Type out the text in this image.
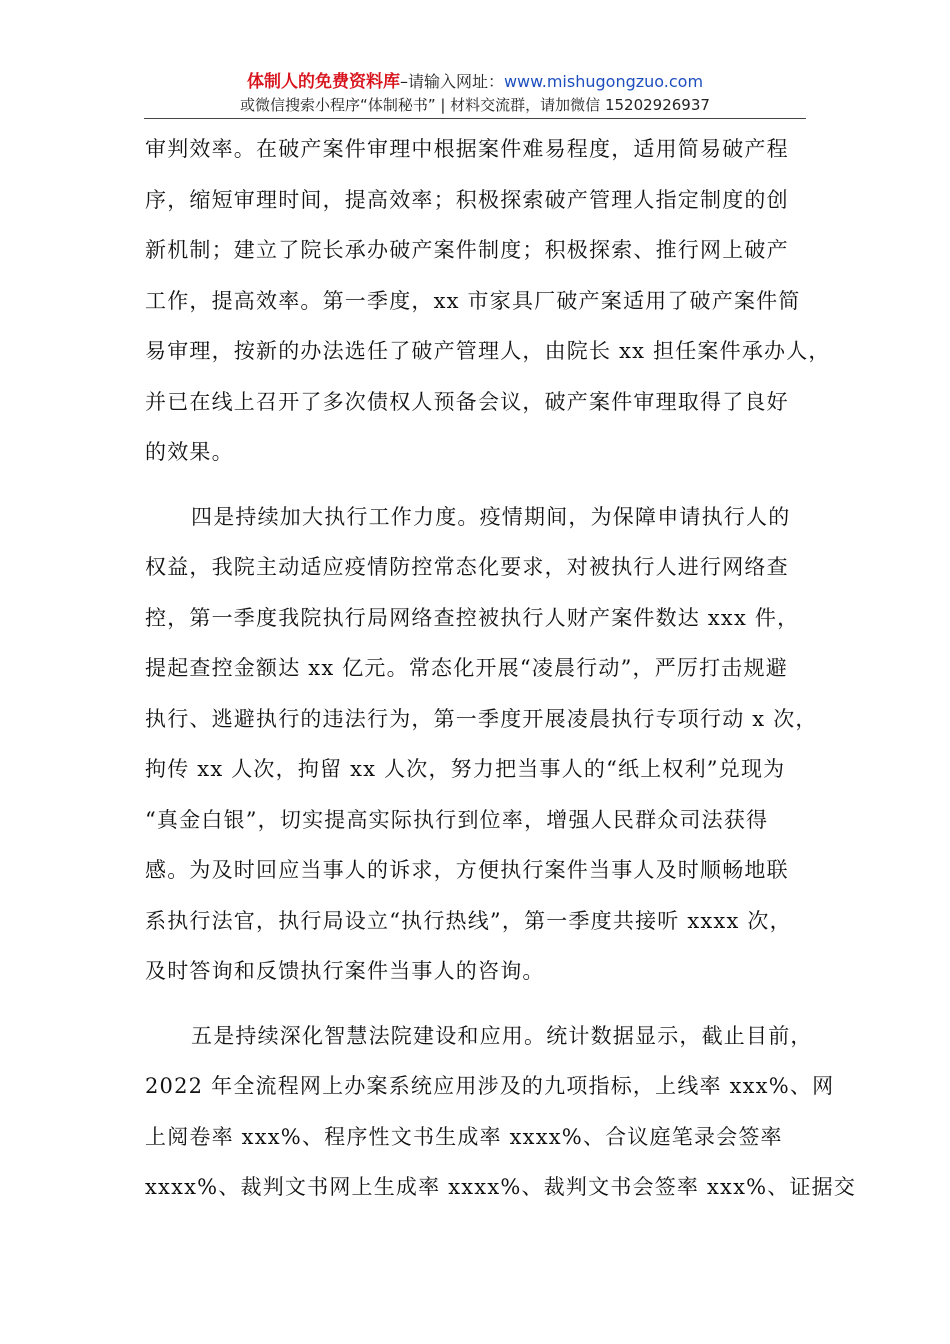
体制人的免费资料库–请输入网址：www.mishugongzuo.com
或微信搜索小程序“体制秘书” | 材料交流群，请加微信 15202926937

审判效率。在破产案件审理中根据案件难易程度，适用简易破产程
序，缩短审理时间，提高效率；积极探索破产管理人指定制度的创
新机制；建立了院长承办破产案件制度；积极探索、推行网上破产
工作，提高效率。第一季度，xx 市家具厂破产案适用了破产案件简
易审理，按新的办法选任了破产管理人，由院长 xx 担任案件承办人，
并已在线上召开了多次债权人预备会议，破产案件审理取得了良好
的效果。

四是持续加大执行工作力度。疫情期间，为保障申请执行人的
权益，我院主动适应疫情防控常态化要求，对被执行人进行网络查
控，第一季度我院执行局网络查控被执行人财产案件数达 xxx 件，
提起查控金额达 xx 亿元。常态化开展“凌晨行动”，严厉打击规避
执行、逃避执行的违法行为，第一季度开展凌晨执行专项行动 x 次，
拘传 xx 人次，拘留 xx 人次，努力把当事人的“纸上权利”兑现为
“真金白银”，切实提高实际执行到位率，增强人民群众司法获得
感。为及时回应当事人的诉求，方便执行案件当事人及时顺畅地联
系执行法官，执行局设立“执行热线”，第一季度共接听 xxxx 次，
及时答询和反馈执行案件当事人的咨询。

五是持续深化智慧法院建设和应用。统计数据显示，截止目前，
2022 年全流程网上办案系统应用涉及的九项指标，上线率 xxx%、网
上阅卷率 xxx%、程序性文书生成率 xxxx%、合议庭笔录会签率
xxxx%、裁判文书网上生成率 xxxx%、裁判文书会签率 xxx%、证据交
